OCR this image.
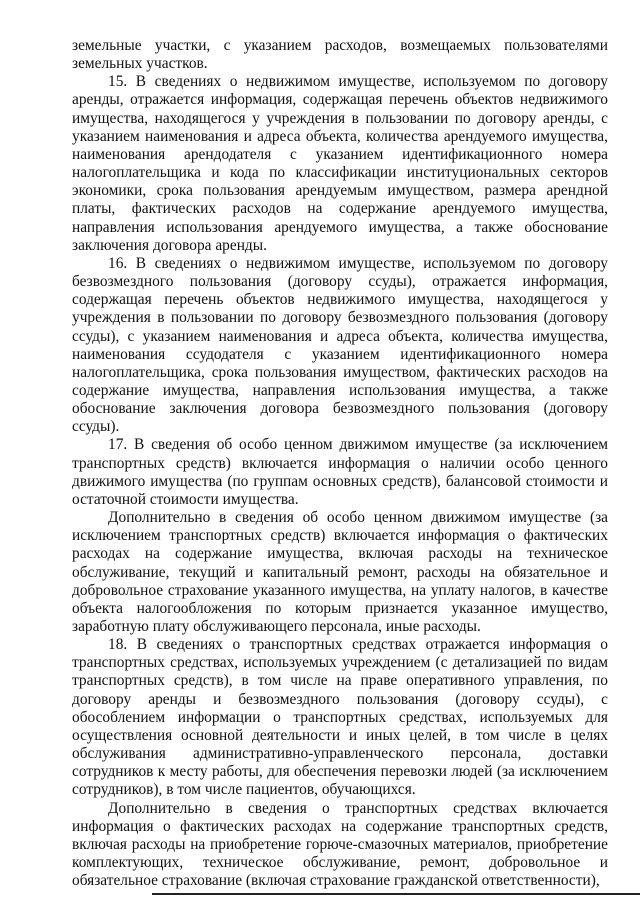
земельные участки, с указанием расходов, возмещаемых пользователями земельных участков.

15. В сведениях о недвижимом имуществе, используемом по договору аренды, отражается информация, содержащая перечень объектов недвижимого имущества, находящегося у учреждения в пользовании по договору аренды, с указанием наименования и адреса объекта, количества арендуемого имущества, наименования арендодателя с указанием идентификационного номера налогоплательщика и кода по классификации институциональных секторов экономики, срока пользования арендуемым имуществом, размера арендной платы, фактических расходов на содержание арендуемого имущества, направления использования арендуемого имущества, а также обоснование заключения договора аренды.

16. В сведениях о недвижимом имуществе, используемом по договору безвозмездного пользования (договору ссуды), отражается информация, содержащая перечень объектов недвижимого имущества, находящегося у учреждения в пользовании по договору безвозмездного пользования (договору ссуды), с указанием наименования и адреса объекта, количества имущества, наименования ссудодателя с указанием идентификационного номера налогоплательщика, срока пользования имуществом, фактических расходов на содержание имущества, направления использования имущества, а также обоснование заключения договора безвозмездного пользования (договору ссуды).

17. В сведения об особо ценном движимом имуществе (за исключением транспортных средств) включается информация о наличии особо ценного движимого имущества (по группам основных средств), балансовой стоимости и остаточной стоимости имущества.

Дополнительно в сведения об особо ценном движимом имуществе (за исключением транспортных средств) включается информация о фактических расходах на содержание имущества, включая расходы на техническое обслуживание, текущий и капитальный ремонт, расходы на обязательное и добровольное страхование указанного имущества, на уплату налогов, в качестве объекта налогообложения по которым признается указанное имущество, заработную плату обслуживающего персонала, иные расходы.

18. В сведениях о транспортных средствах отражается информация о транспортных средствах, используемых учреждением (с детализацией по видам транспортных средств), в том числе на праве оперативного управления, по договору аренды и безвозмездного пользования (договору ссуды), с обособлением информации о транспортных средствах, используемых для осуществления основной деятельности и иных целей, в том числе в целях обслуживания административно-управленческого персонала, доставки сотрудников к месту работы, для обеспечения перевозки людей (за исключением сотрудников), в том числе пациентов, обучающихся.

Дополнительно в сведения о транспортных средствах включается информация о фактических расходах на содержание транспортных средств, включая расходы на приобретение горюче-смазочных материалов, приобретение комплектующих, техническое обслуживание, ремонт, добровольное и обязательное страхование (включая страхование гражданской ответственности),
